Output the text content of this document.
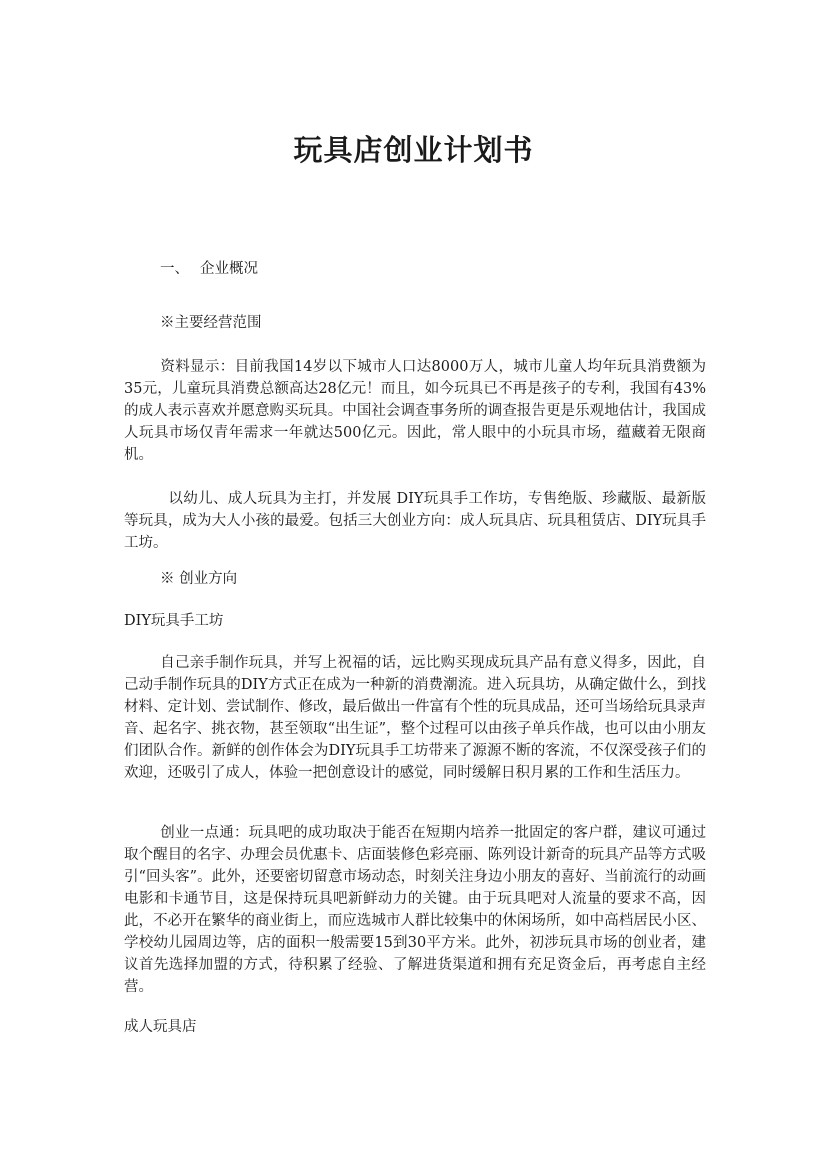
玩具店创业计划书
一、 企业概况
※主要经营范围
资料显示：目前我国14岁以下城市人口达8000万人，城市儿童人均年玩具消费额为35元，儿童玩具消费总额高达28亿元！而且，如今玩具已不再是孩子的专利，我国有43%的成人表示喜欢并愿意购买玩具。中国社会调查事务所的调查报告更是乐观地估计，我国成人玩具市场仅青年需求一年就达500亿元。因此，常人眼中的小玩具市场，蕴藏着无限商机。
以幼儿、成人玩具为主打，并发展 DIY玩具手工作坊，专售绝版、珍藏版、最新版等玩具，成为大人小孩的最爱。包括三大创业方向：成人玩具店、玩具租赁店、DIY玩具手工坊。
※ 创业方向
DIY玩具手工坊
自己亲手制作玩具，并写上祝福的话，远比购买现成玩具产品有意义得多，因此，自己动手制作玩具的DIY方式正在成为一种新的消费潮流。进入玩具坊，从确定做什么，到找材料、定计划、尝试制作、修改，最后做出一件富有个性的玩具成品，还可当场给玩具录声音、起名字、挑衣物，甚至领取“出生证”，整个过程可以由孩子单兵作战，也可以由小朋友们团队合作。新鲜的创作体会为DIY玩具手工坊带来了源源不断的客流，不仅深受孩子们的欢迎，还吸引了成人，体验一把创意设计的感觉，同时缓解日积月累的工作和生活压力。
创业一点通：玩具吧的成功取决于能否在短期内培养一批固定的客户群，建议可通过取个醒目的名字、办理会员优惠卡、店面装修色彩亮丽、陈列设计新奇的玩具产品等方式吸引“回头客”。此外，还要密切留意市场动态，时刻关注身边小朋友的喜好、当前流行的动画电影和卡通节目，这是保持玩具吧新鲜动力的关键。由于玩具吧对人流量的要求不高，因此，不必开在繁华的商业街上，而应选城市人群比较集中的休闲场所，如中高档居民小区、学校幼儿园周边等，店的面积一般需要15到30平方米。此外，初涉玩具市场的创业者，建议首先选择加盟的方式，待积累了经验、了解进货渠道和拥有充足资金后，再考虑自主经营。
成人玩具店
